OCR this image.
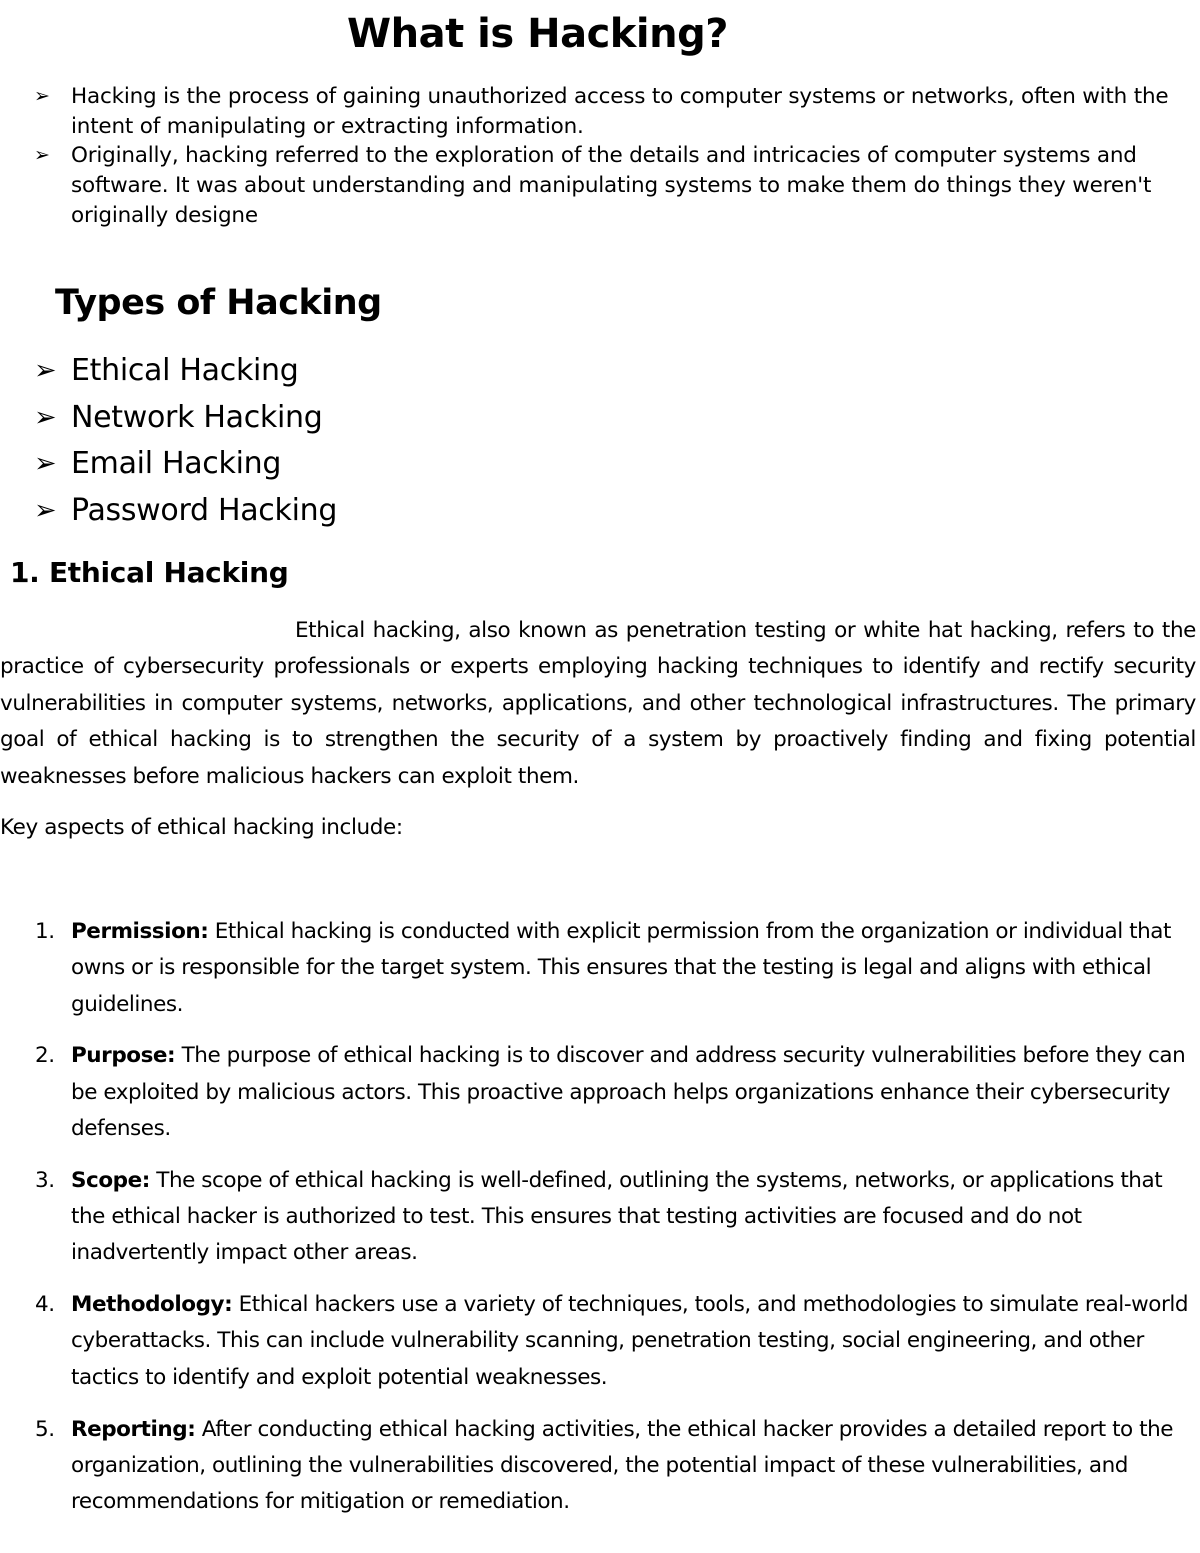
What is Hacking?
➢ Hacking is the process of gaining unauthorized access to computer systems or networks, often with the intent of manipulating or extracting information.
➢ Originally, hacking referred to the exploration of the details and intricacies of computer systems and software. It was about understanding and manipulating systems to make them do things they weren't originally designe
Types of Hacking
➢ Ethical Hacking
➢ Network Hacking
➢ Email Hacking
➢ Password Hacking
1. Ethical Hacking

Ethical hacking, also known as penetration testing or white hat hacking, refers to the practice of cybersecurity professionals or experts employing hacking techniques to identify and rectify security vulnerabilities in computer systems, networks, applications, and other technological infrastructures. The primary goal of ethical hacking is to strengthen the security of a system by proactively finding and fixing potential weaknesses before malicious hackers can exploit them.

Key aspects of ethical hacking include:

1. Permission: Ethical hacking is conducted with explicit permission from the organization or individual that owns or is responsible for the target system. This ensures that the testing is legal and aligns with ethical guidelines.
2. Purpose: The purpose of ethical hacking is to discover and address security vulnerabilities before they can be exploited by malicious actors. This proactive approach helps organizations enhance their cybersecurity defenses.
3. Scope: The scope of ethical hacking is well-defined, outlining the systems, networks, or applications that the ethical hacker is authorized to test. This ensures that testing activities are focused and do not inadvertently impact other areas.
4. Methodology: Ethical hackers use a variety of techniques, tools, and methodologies to simulate real-world cyberattacks. This can include vulnerability scanning, penetration testing, social engineering, and other tactics to identify and exploit potential weaknesses.
5. Reporting: After conducting ethical hacking activities, the ethical hacker provides a detailed report to the organization, outlining the vulnerabilities discovered, the potential impact of these vulnerabilities, and recommendations for mitigation or remediation.
